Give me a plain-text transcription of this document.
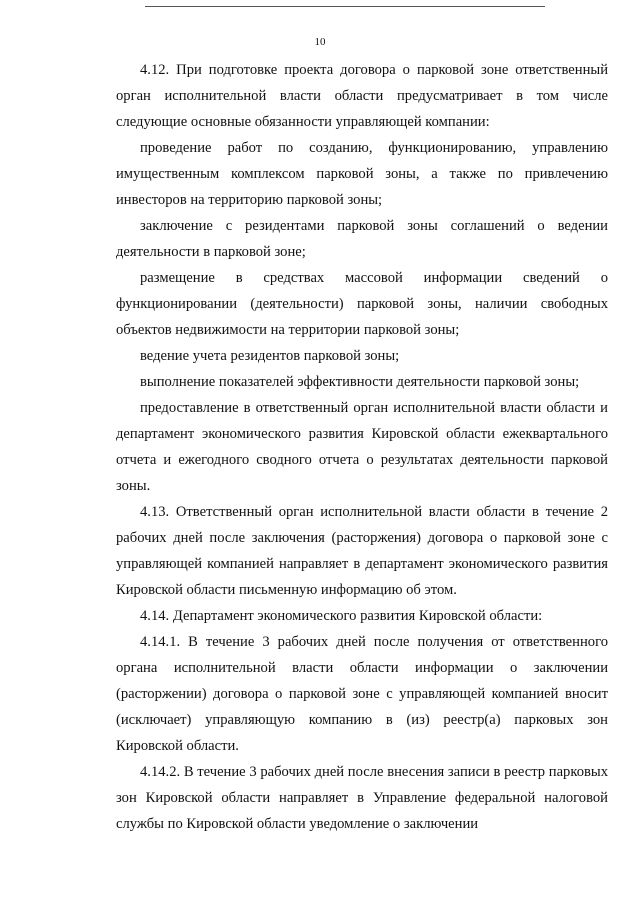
10

4.12. При подготовке проекта договора о парковой зоне ответственный орган исполнительной власти области предусматривает в том числе следующие основные обязанности управляющей компании:

проведение работ по созданию, функционированию, управлению имущественным комплексом парковой зоны, а также по привлечению инвесторов на территорию парковой зоны;

заключение с резидентами парковой зоны соглашений о ведении деятельности в парковой зоне;

размещение в средствах массовой информации сведений о функционировании (деятельности) парковой зоны, наличии свободных объектов недвижимости на территории парковой зоны;

ведение учета резидентов парковой зоны;

выполнение показателей эффективности деятельности парковой зоны;

предоставление в ответственный орган исполнительной власти области и департамент экономического развития Кировской области ежеквартального отчета и ежегодного сводного отчета о результатах деятельности парковой зоны.

4.13. Ответственный орган исполнительной власти области в течение 2 рабочих дней после заключения (расторжения) договора о парковой зоне с управляющей компанией направляет в департамент экономического развития Кировской области письменную информацию об этом.

4.14. Департамент экономического развития Кировской области:

4.14.1. В течение 3 рабочих дней после получения от ответственного органа исполнительной власти области информации о заключении (расторжении) договора о парковой зоне с управляющей компанией вносит (исключает) управляющую компанию в (из) реестр(а) парковых зон Кировской области.

4.14.2. В течение 3 рабочих дней после внесения записи в реестр парковых зон Кировской области направляет в Управление федеральной налоговой службы по Кировской области уведомление о заключении
